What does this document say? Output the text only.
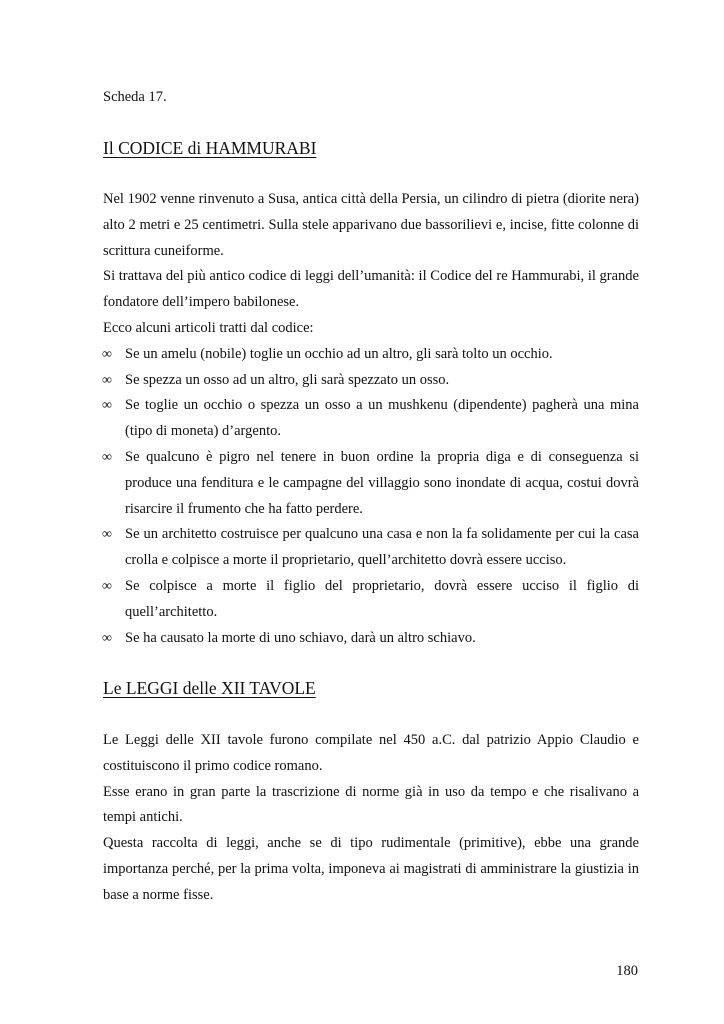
Scheda 17.
Il CODICE di HAMMURABI

Nel 1902 venne rinvenuto a Susa, antica città della Persia, un cilindro di pietra (diorite nera) alto 2 metri e 25 centimetri. Sulla stele apparivano due bassorilievi e, incise, fitte colonne di scrittura cuneiforme.

Si trattava del più antico codice di leggi dell’umanità: il Codice del re Hammurabi, il grande fondatore dell’impero babilonese.

Ecco alcuni articoli tratti dal codice:

∞ Se un amelu (nobile) toglie un occhio ad un altro, gli sarà tolto un occhio.
∞ Se spezza un osso ad un altro, gli sarà spezzato un osso.
∞ Se toglie un occhio o spezza un osso a un mushkenu (dipendente) pagherà una mina (tipo di moneta) d’argento.
∞ Se qualcuno è pigro nel tenere in buon ordine la propria diga e di conseguenza si produce una fenditura e le campagne del villaggio sono inondate di acqua, costui dovrà risarcire il frumento che ha fatto perdere.
∞ Se un architetto costruisce per qualcuno una casa e non la fa solidamente per cui la casa crolla e colpisce a morte il proprietario, quell’architetto dovrà essere ucciso.
∞ Se colpisce a morte il figlio del proprietario, dovrà essere ucciso il figlio di quell’architetto.
∞ Se ha causato la morte di uno schiavo, darà un altro schiavo.
Le LEGGI delle XII TAVOLE

Le Leggi delle XII tavole furono compilate nel 450 a.C. dal patrizio Appio Claudio e costituiscono il primo codice romano.

Esse erano in gran parte la trascrizione di norme già in uso da tempo e che risalivano a tempi antichi.

Questa raccolta di leggi, anche se di tipo rudimentale (primitive), ebbe una grande importanza perché, per la prima volta, imponeva ai magistrati di amministrare la giustizia in base a norme fisse.

180
